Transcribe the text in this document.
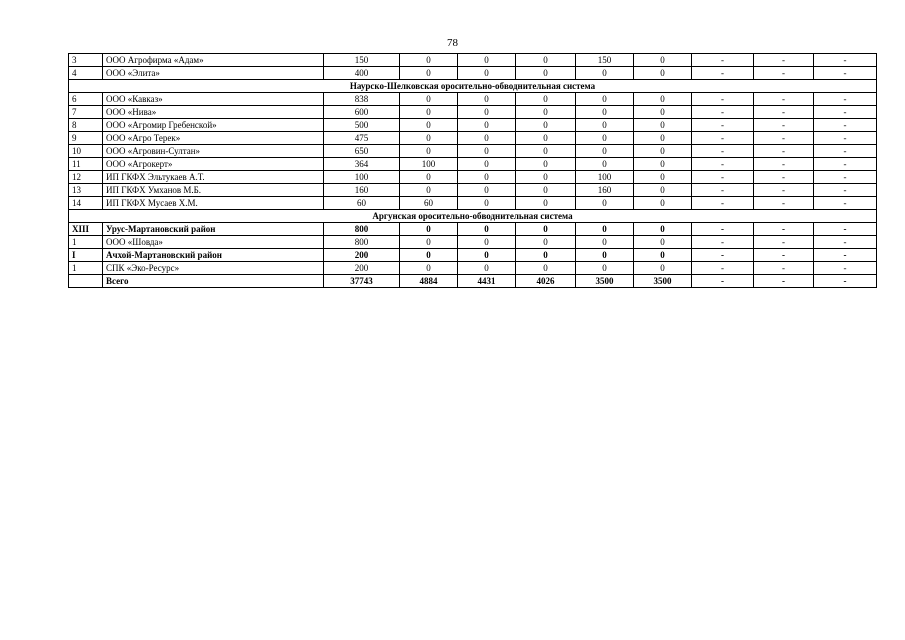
78
3	ООО Агрофирма «Адам»	150	0	0	0	150	0	-	-	-
4	ООО «Элита»	400	0	0	0	0	0	-	-	-
Наурско-Шелковская оросительно-обводнительная система										
6	ООО «Кавказ»	838	0	0	0	0	0	-	-	-
7	ООО «Нива»	600	0	0	0	0	0	-	-	-
8	ООО «Агромир Гребенской»	500	0	0	0	0	0	-	-	-
9	ООО «Агро Терек»	475	0	0	0	0	0	-	-	-
10	ООО «Агровин-Султан»	650	0	0	0	0	0	-	-	-
11	ООО «Агрокерт»	364	100	0	0	0	0	-	-	-
12	ИП ГКФХ Эльтукаев А.Т.	100	0	0	0	100	0	-	-	-
13	ИП ГКФХ Умханов М.Б.	160	0	0	0	160	0	-	-	-
14	ИП ГКФХ Мусаев Х.М.	60	60	0	0	0	0	-	-	-
Аргунская оросительно-обводнительная система										
XIII	Урус-Мартановский район	800	0	0	0	0	0	-	-	-
1	ООО «Шовда»	800	0	0	0	0	0	-	-	-
I	Ачхой-Мартановский район	200	0	0	0	0	0	-	-	-
1	СПК «Эко-Ресурс»	200	0	0	0	0	0	-	-	-
	Всего	37743	4884	4431	4026	3500	3500	-	-	-
